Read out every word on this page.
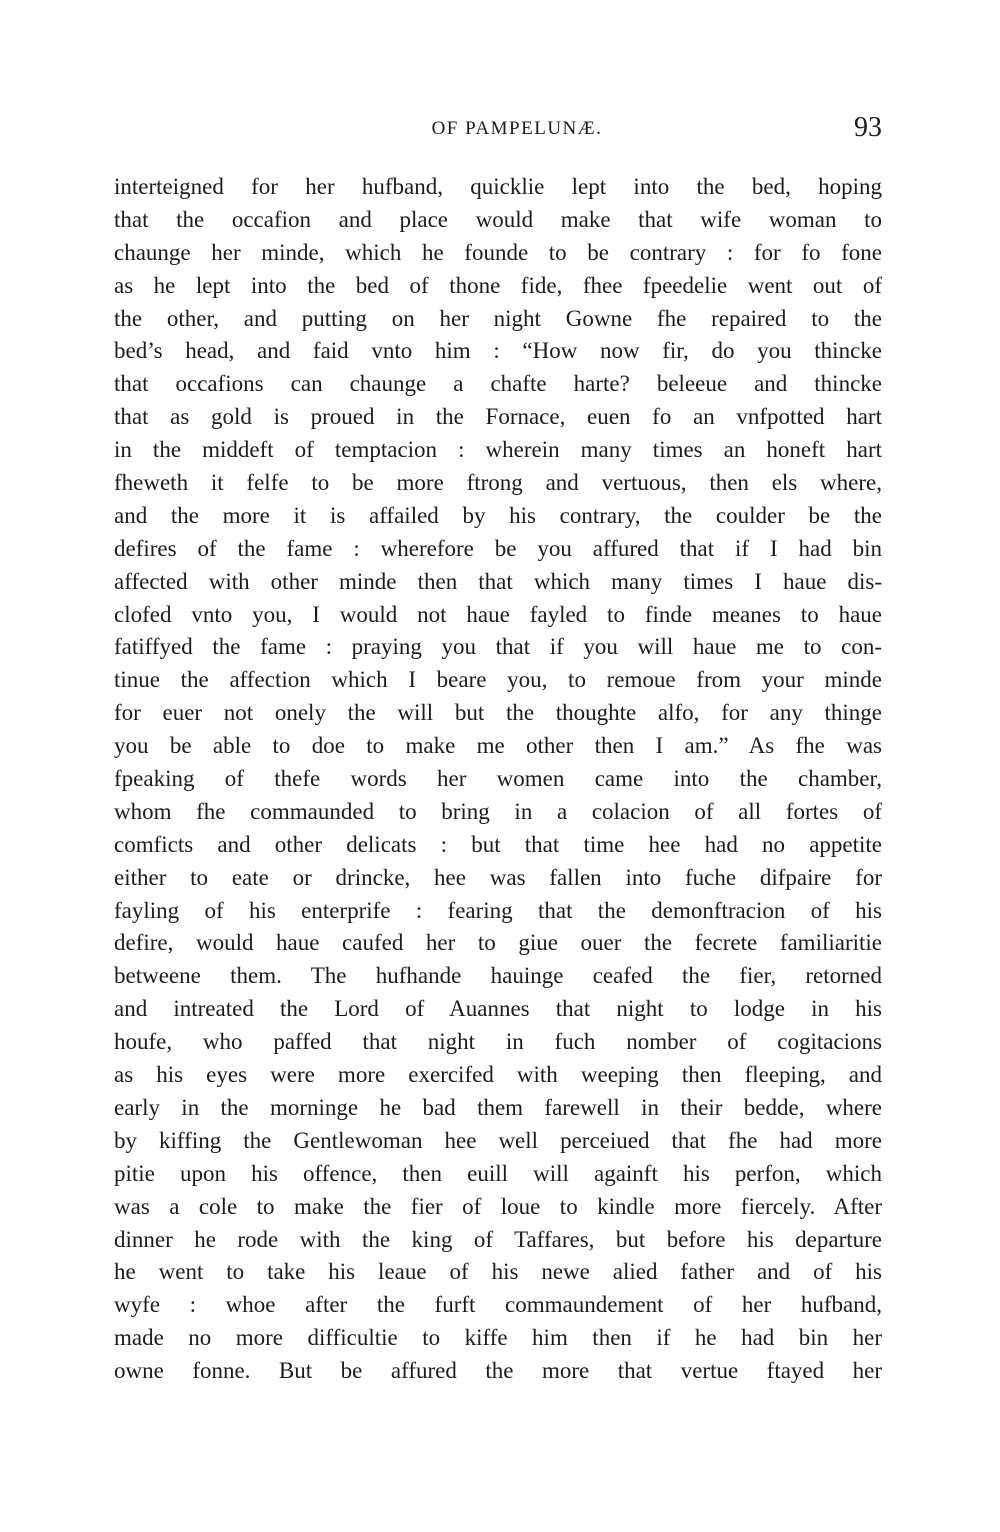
OF PAMPELUNÆ.	93
interteigned for her hufband, quicklie lept into the bed, hoping
that the occafion and place would make that wife woman to
chaunge her minde, which he founde to be contrary : for fo fone
as he lept into the bed of thone fide, fhee fpeedelie went out of
the other, and putting on her night Gowne fhe repaired to the
bed’s head, and faid vnto him : “How now fir, do you thincke
that occafions can chaunge a chafte harte? beleeue and thincke
that as gold is proued in the Fornace, euen fo an vnfpotted hart
in the middeft of temptacion : wherein many times an honeft hart
fheweth it felfe to be more ftrong and vertuous, then els where,
and the more it is affailed by his contrary, the coulder be the
defires of the fame : wherefore be you affured that if I had bin
affected with other minde then that which many times I haue dis-
clofed vnto you, I would not haue fayled to finde meanes to haue
fatiffyed the fame : praying you that if you will haue me to con-
tinue the affection which I beare you, to remoue from your minde
for euer not onely the will but the thoughte alfo, for any thinge
you be able to doe to make me other then I am.” As fhe was
fpeaking of thefe words her women came into the chamber,
whom fhe commaunded to bring in a colacion of all fortes of
comficts and other delicats : but that time hee had no appetite
either to eate or drincke, hee was fallen into fuche difpaire for
fayling of his enterprife : fearing that the demonftracion of his
defire, would haue caufed her to giue ouer the fecrete familiaritie
betweene them. The hufhande hauinge ceafed the fier, retorned
and intreated the Lord of Auannes that night to lodge in his
houfe, who paffed that night in fuch nomber of cogitacions
as his eyes were more exercifed with weeping then fleeping, and
early in the morninge he bad them farewell in their bedde, where
by kiffing the Gentlewoman hee well perceiued that fhe had more
pitie upon his offence, then euill will againft his perfon, which
was a cole to make the fier of loue to kindle more fiercely. After
dinner he rode with the king of Taffares, but before his departure
he went to take his leaue of his newe alied father and of his
wyfe : whoe after the furft commaundement of her hufband,
made no more difficultie to kiffe him then if he had bin her
owne fonne. But be affured the more that vertue ftayed her
